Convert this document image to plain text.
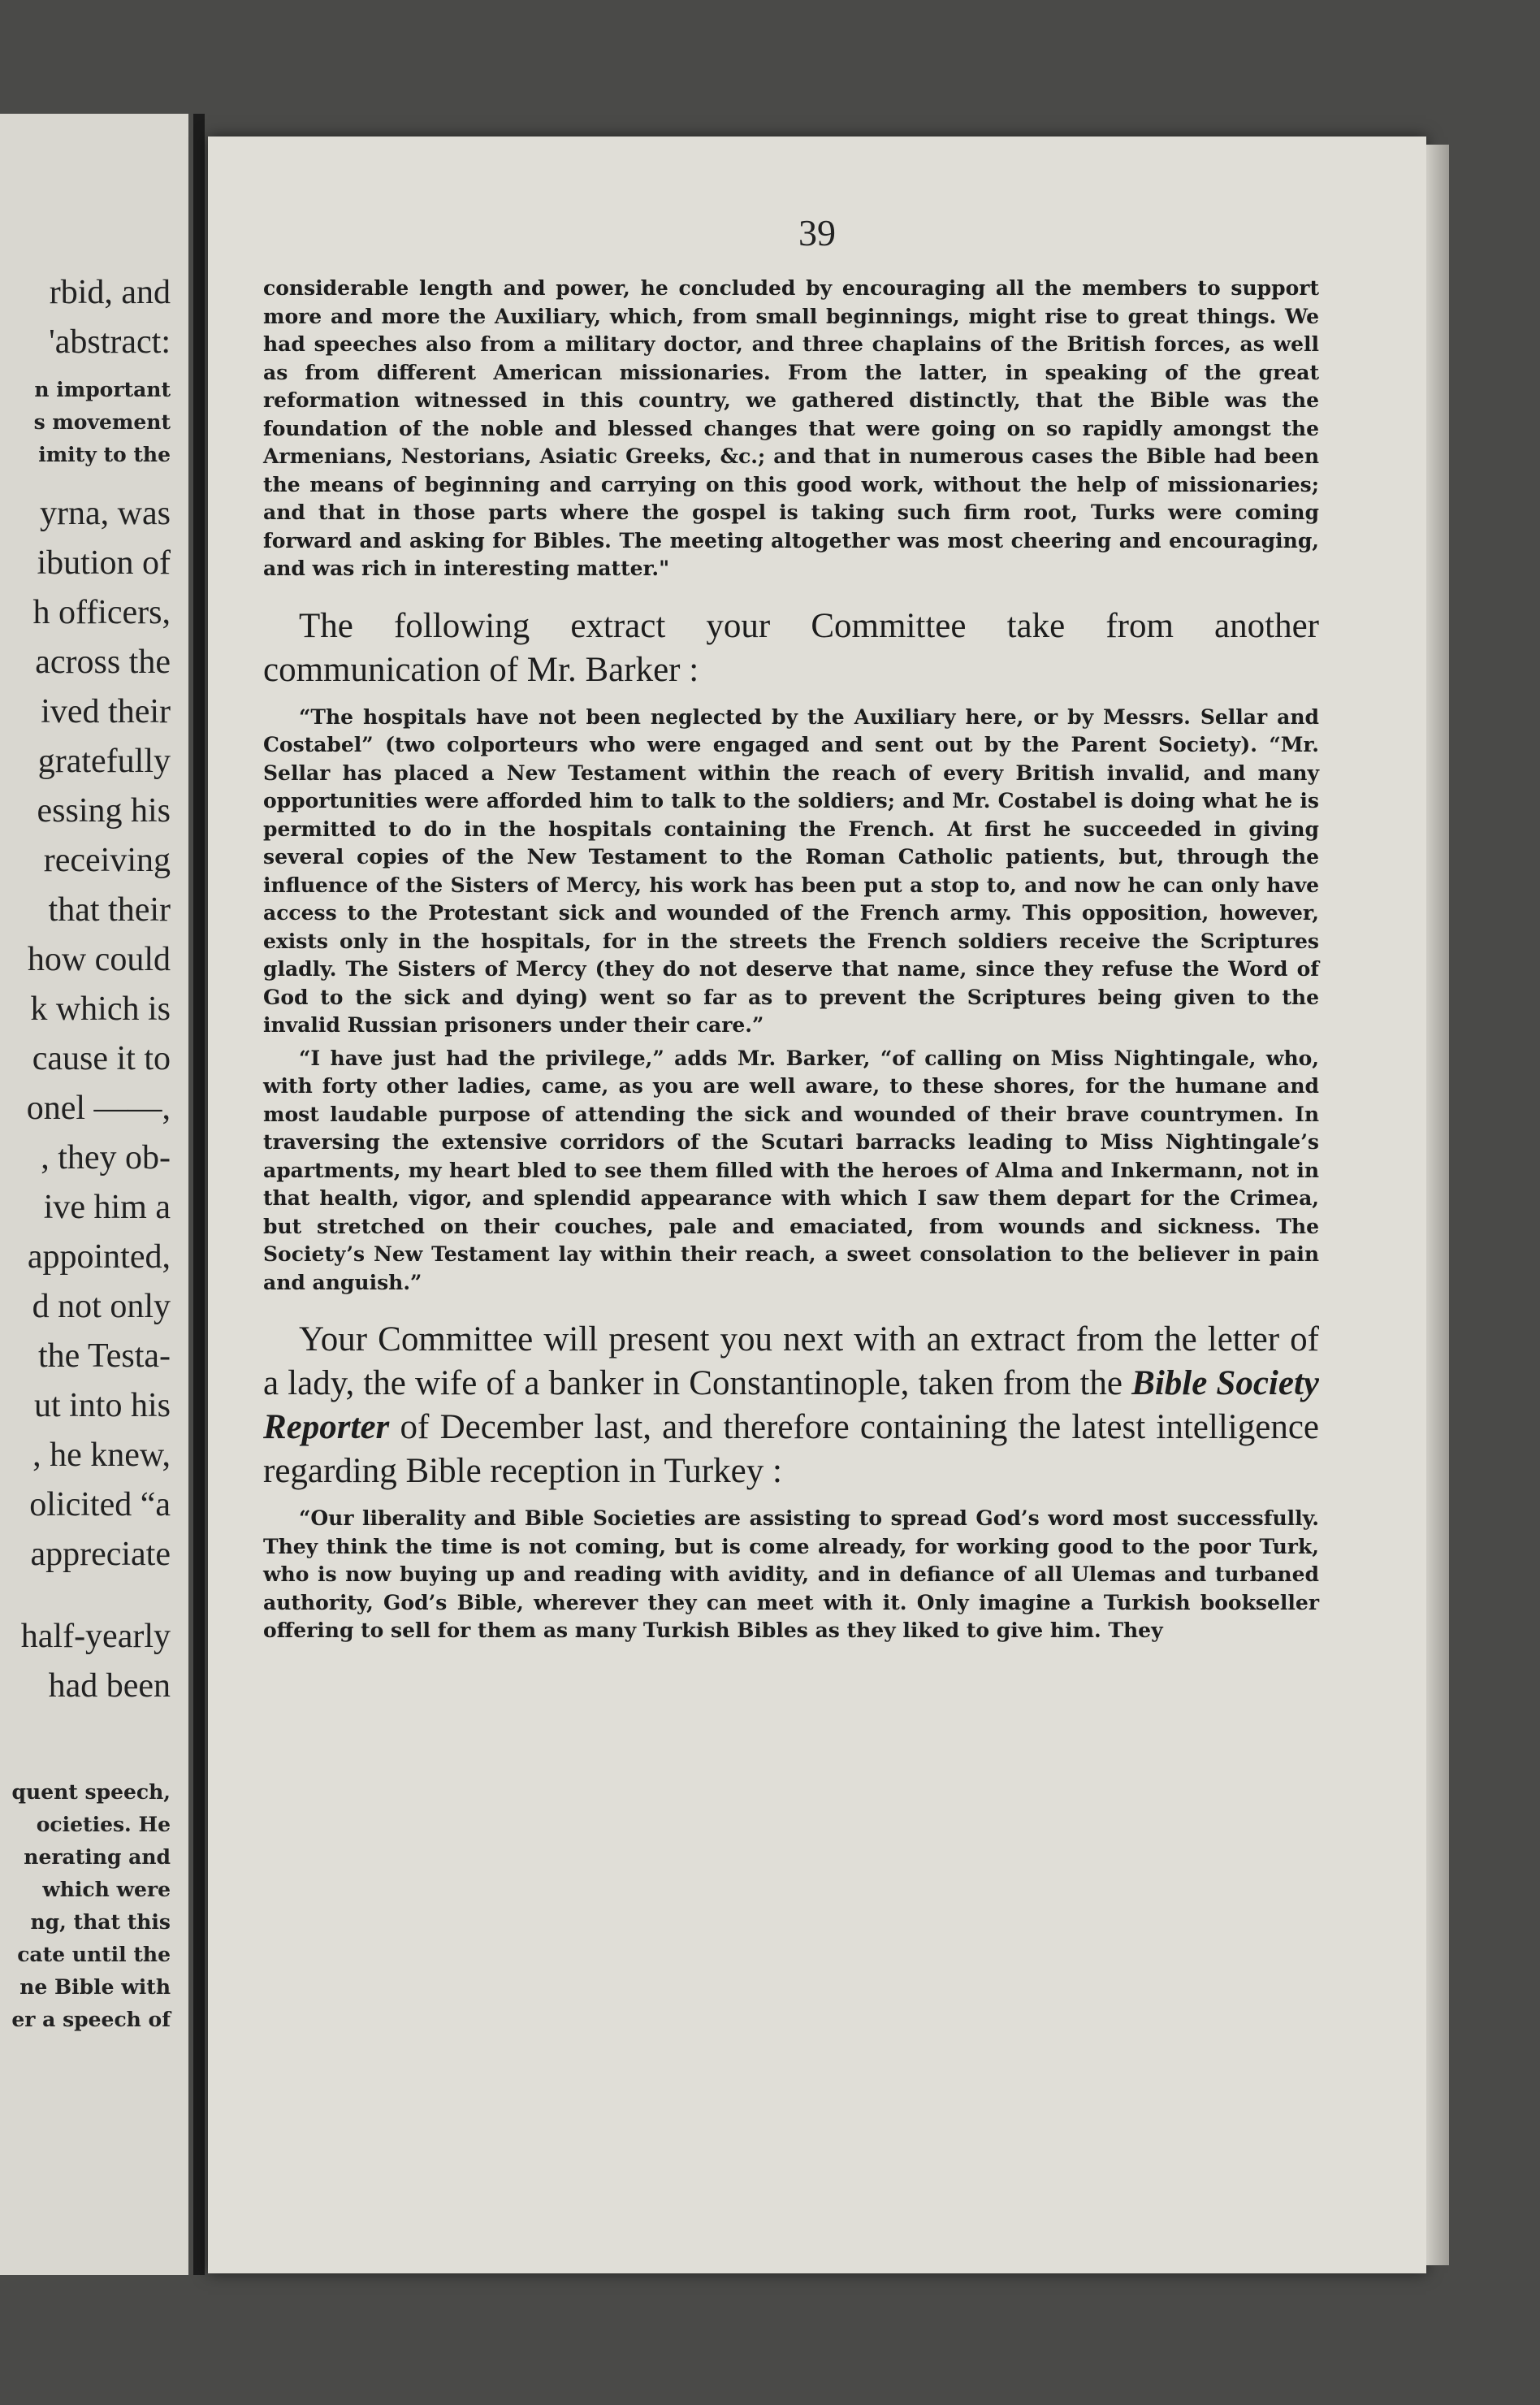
rbid, and
'abstract:
n important
s movement
imity to the
yrna, was
ibution of
h officers,
across the
ived their
gratefully
essing his
receiving
that their
how could
k which is
cause it to
onel ——,
, they ob-
ive him a
appointed,
d not only
the Testa-
ut into his
, he knew,
olicited “a
appreciate
half-yearly
had been
quent speech,
ocieties. He
nerating and
which were
ng, that this
cate until the
ne Bible with
er a speech of
39

considerable length and power, he concluded by encouraging all the members to support more and more the Auxiliary, which, from small beginnings, might rise to great things. We had speeches also from a military doctor, and three chaplains of the British forces, as well as from different American missionaries. From the latter, in speaking of the great reformation witnessed in this country, we gathered distinctly, that the Bible was the foundation of the noble and blessed changes that were going on so rapidly amongst the Armenians, Nestorians, Asiatic Greeks, &c.; and that in numerous cases the Bible had been the means of beginning and carrying on this good work, without the help of missionaries; and that in those parts where the gospel is taking such firm root, Turks were coming forward and asking for Bibles. The meeting altogether was most cheering and encouraging, and was rich in interesting matter."

The following extract your Committee take from another communication of Mr. Barker :

“The hospitals have not been neglected by the Auxiliary here, or by Messrs. Sellar and Costabel” (two colporteurs who were engaged and sent out by the Parent Society). “Mr. Sellar has placed a New Testament within the reach of every British invalid, and many opportunities were afforded him to talk to the soldiers; and Mr. Costabel is doing what he is permitted to do in the hospitals containing the French. At first he succeeded in giving several copies of the New Testament to the Roman Catholic patients, but, through the influence of the Sisters of Mercy, his work has been put a stop to, and now he can only have access to the Protestant sick and wounded of the French army. This opposition, however, exists only in the hospitals, for in the streets the French soldiers receive the Scriptures gladly. The Sisters of Mercy (they do not deserve that name, since they refuse the Word of God to the sick and dying) went so far as to prevent the Scriptures being given to the invalid Russian prisoners under their care.”

“I have just had the privilege,” adds Mr. Barker, “of calling on Miss Nightingale, who, with forty other ladies, came, as you are well aware, to these shores, for the humane and most laudable purpose of attending the sick and wounded of their brave countrymen. In traversing the extensive corridors of the Scutari barracks leading to Miss Nightingale’s apartments, my heart bled to see them filled with the heroes of Alma and Inkermann, not in that health, vigor, and splendid appearance with which I saw them depart for the Crimea, but stretched on their couches, pale and emaciated, from wounds and sickness. The Society’s New Testament lay within their reach, a sweet consolation to the believer in pain and anguish.”

Your Committee will present you next with an extract from the letter of a lady, the wife of a banker in Constantinople, taken from the Bible Society Reporter of December last, and therefore containing the latest intelligence regarding Bible reception in Turkey :

“Our liberality and Bible Societies are assisting to spread God’s word most successfully. They think the time is not coming, but is come already, for working good to the poor Turk, who is now buying up and reading with avidity, and in defiance of all Ulemas and turbaned authority, God’s Bible, wherever they can meet with it. Only imagine a Turkish bookseller offering to sell for them as many Turkish Bibles as they liked to give him. They
